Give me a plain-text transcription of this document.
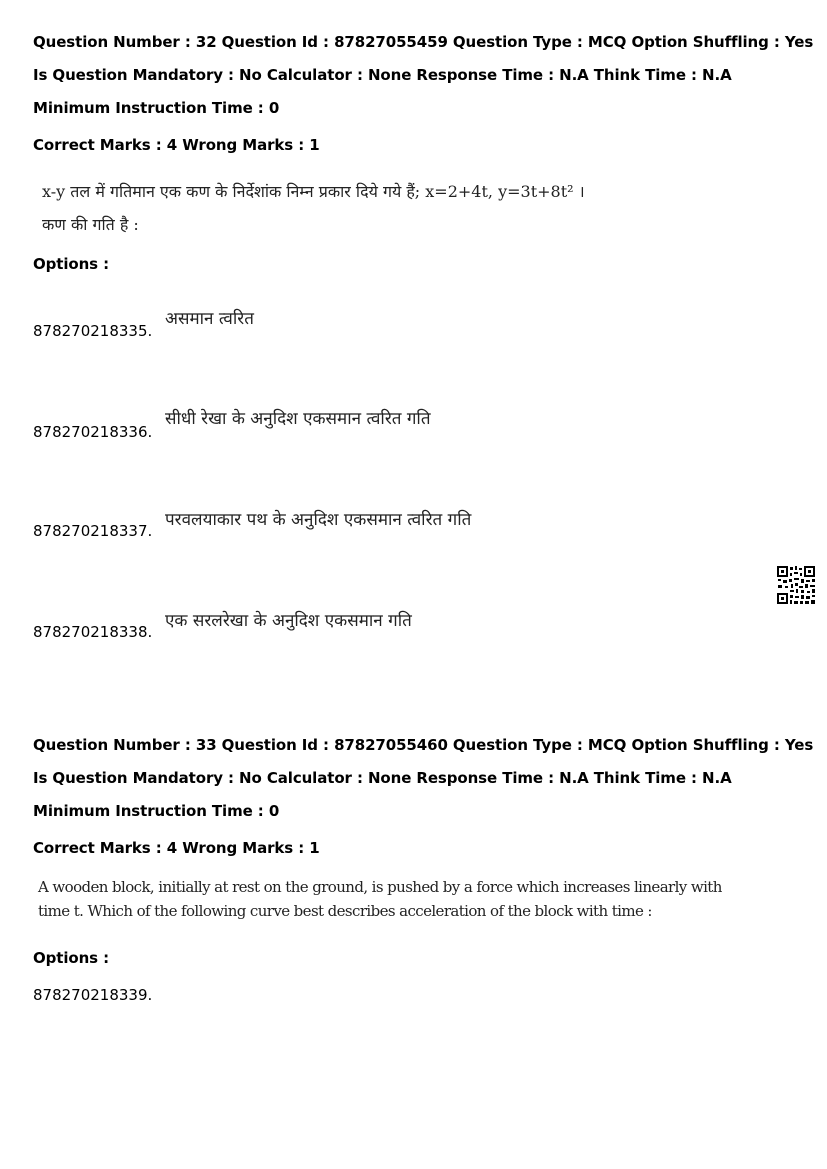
Question Number : 32 Question Id : 87827055459 Question Type : MCQ Option Shuffling : Yes
Is Question Mandatory : No Calculator : None Response Time : N.A Think Time : N.A
Minimum Instruction Time : 0
Correct Marks : 4 Wrong Marks : 1
x-y तल में गतिमान एक कण के निर्देशांक निम्न प्रकार दिये गये हैं; x=2+4t, y=3t+8t² ।
कण की गति है :
Options :
878270218335.
असमान त्वरित
878270218336.
सीधी रेखा के अनुदिश एकसमान त्वरित गति
878270218337.
परवलयाकार पथ के अनुदिश एकसमान त्वरित गति
878270218338.
एक सरलरेखा के अनुदिश एकसमान गति
Question Number : 33 Question Id : 87827055460 Question Type : MCQ Option Shuffling : Yes
Is Question Mandatory : No Calculator : None Response Time : N.A Think Time : N.A
Minimum Instruction Time : 0
Correct Marks : 4 Wrong Marks : 1
A wooden block, initially at rest on the ground, is pushed by a force which increases linearly with
time t. Which of the following curve best describes acceleration of the block with time :
Options :
878270218339.
